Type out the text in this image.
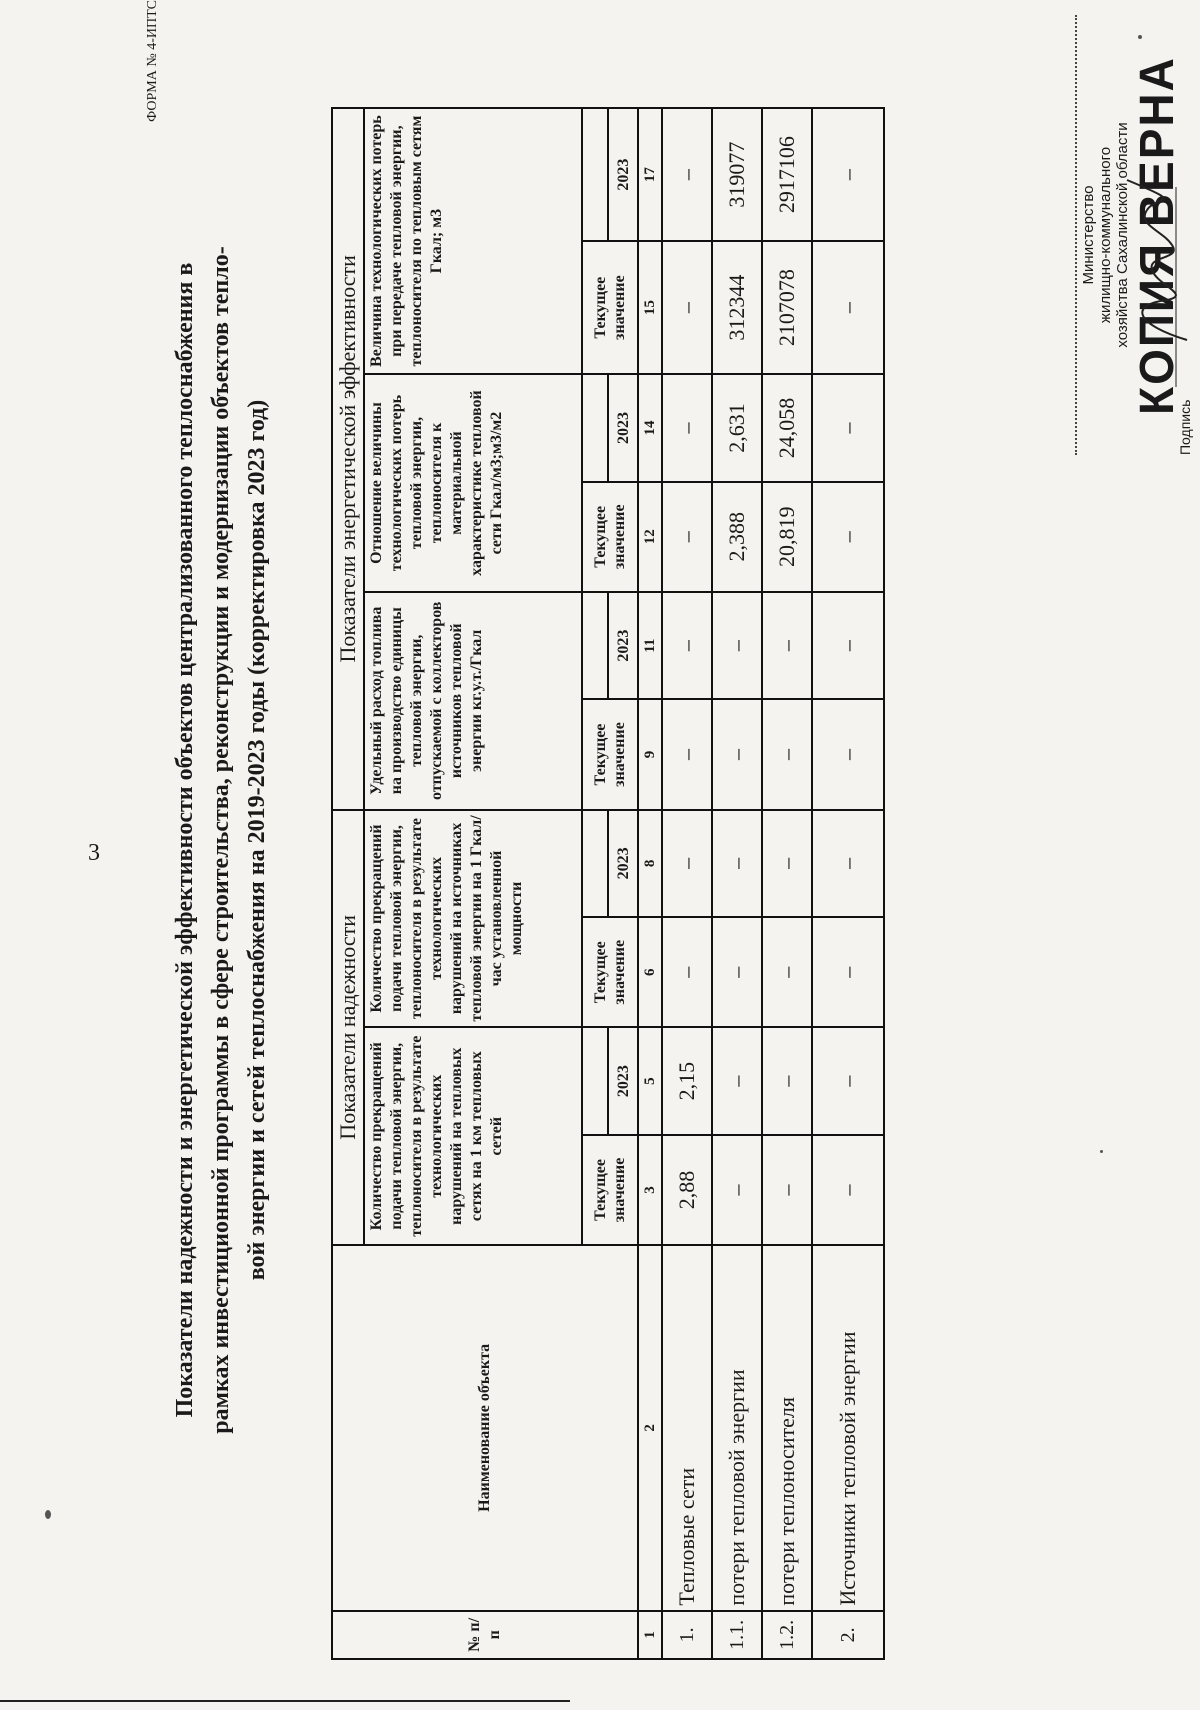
3
ФОРМА № 4-ИПТС
Показатели надежности и энергетической эффективности объектов централизованного теплоснабжения в рамках инвестиционной программы в сфере строительства, реконструкции и модернизации объектов тепло- вой энергии и сетей теплоснабжения на 2019-2023 годы (корректировка 2023 год)
№ п/п	Наименование объекта	Показатели надежности				Показатели энергетической эффективности					
		Количество прекращений подачи тепловой энергии, теплоносителя в результате технологических нарушений на тепловых сетях на 1 км тепловых сетей		Количество прекращений подачи тепловой энергии, теплоносителя в результате технологических нарушений на источниках тепловой энергии на 1 Гкал/час установленной мощности		Удельный расход топлива на производство единицы тепловой энергии, отпускаемой с коллекторов источников тепловой энергии кг.у.т./Гкал		Отношение величины технологических потерь тепловой энергии, теплоносителя к материальной характеристике тепловой сети Гкал/м3;м3/м2		Величина технологических потерь при передаче тепловой энергии, теплоносителя по тепловым сетям Гкал; м3	
		Текущее значение		Текущее значение		Текущее значение		Текущее значение		Текущее значение	
			2023		2023		2023		2023		2023
1	2	3	5	6	8	9	11	12	14	15	17
1.	Тепловые сети	2,88	2,15	–	–	–	–	–	–	–	–
1.1.	потери тепловой энергии	–	–	–	–	–	–	2,388	2,631	312344	319077
1.2.	потери теплоносителя	–	–	–	–	–	–	20,819	24,058	2107078	2917106
2.	Источники тепловой энергии	–	–	–	–	–	–	–	–	–	–
Министерство жилищно-коммунального хозяйства Сахалинской области
КОПИЯ ВЕРНА
Подпись
